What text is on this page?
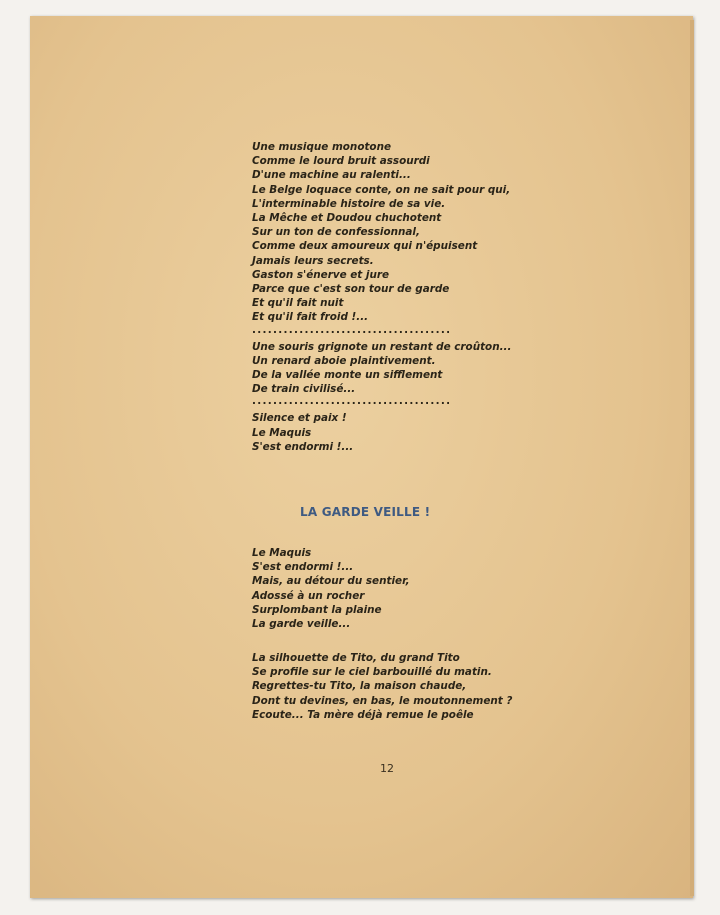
Une musique monotone
Comme le lourd bruit assourdi
D'une machine au ralenti...
Le Belge loquace conte, on ne sait pour qui,
L'interminable histoire de sa vie.
La Mêche et Doudou chuchotent
Sur un ton de confessionnal,
Comme deux amoureux qui n'épuisent
Jamais leurs secrets.
Gaston s'énerve et jure
Parce que c'est son tour de garde
Et qu'il fait nuit
Et qu'il fait froid !...
......................................
Une souris grignote un restant de croûton...
Un renard aboie plaintivement.
De la vallée monte un sifflement
De train civilisé...
......................................
Silence et paix !
Le Maquis
S'est endormi !...
LA GARDE VEILLE !
Le Maquis
S'est endormi !...
Mais, au détour du sentier,
Adossé à un rocher
Surplombant la plaine
La garde veille...
La silhouette de Tito, du grand Tito
Se profile sur le ciel barbouillé du matin.
Regrettes-tu Tito, la maison chaude,
Dont tu devines, en bas, le moutonnement ?
Ecoute... Ta mère déjà remue le poêle
12
